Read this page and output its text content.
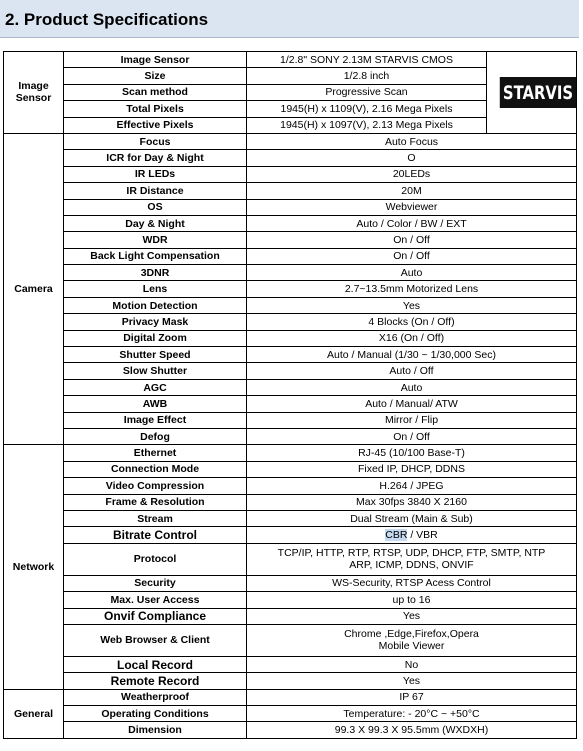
2. Product Specifications
Image
Sensor	Image Sensor	1/2.8" SONY 2.13M STARVIS CMOS	STARVIS
	Size	1/2.8 inch	
	Scan method	Progressive Scan	
	Total Pixels	1945(H) x 1109(V), 2.16 Mega Pixels	
	Effective Pixels	1945(H) x 1097(V), 2.13 Mega Pixels	
Camera	Focus	Auto Focus	
	ICR for Day & Night	O	
	IR LEDs	20LEDs	
	IR Distance	20M	
	OS	Webviewer	
	Day & Night	Auto / Color / BW / EXT	
	WDR	On / Off	
	Back Light Compensation	On / Off	
	3DNR	Auto	
	Lens	2.7~13.5mm Motorized Lens	
	Motion Detection	Yes	
	Privacy Mask	4 Blocks (On / Off)	
	Digital Zoom	X16 (On / Off)	
	Shutter Speed	Auto / Manual (1/30 ~ 1/30,000 Sec)	
	Slow Shutter	Auto / Off	
	AGC	Auto	
	AWB	Auto / Manual/ ATW	
	Image Effect	Mirror / Flip	
	Defog	On / Off	
Network	Ethernet	RJ-45 (10/100 Base-T)	
	Connection Mode	Fixed IP, DHCP, DDNS	
	Video Compression	H.264 / JPEG	
	Frame & Resolution	Max 30fps 3840 X 2160	
	Stream	Dual Stream (Main & Sub)	
	Bitrate Control	CBR / VBR	
	Protocol	TCP/IP, HTTP, RTP, RTSP, UDP, DHCP, FTP, SMTP, NTP
ARP, ICMP, DDNS, ONVIF	
	Security	WS-Security, RTSP Acess Control	
	Max. User Access	up to 16	
	Onvif Compliance	Yes	
	Web Browser & Client	Chrome ,Edge,Firefox,Opera
Mobile Viewer	
	Local Record	No	
	Remote Record	Yes	
General	Weatherproof	IP 67	
	Operating Conditions	Temperature: - 20°C ~ +50°C	
	Dimension	99.3 X 99.3 X 95.5mm (WXDXH)	
